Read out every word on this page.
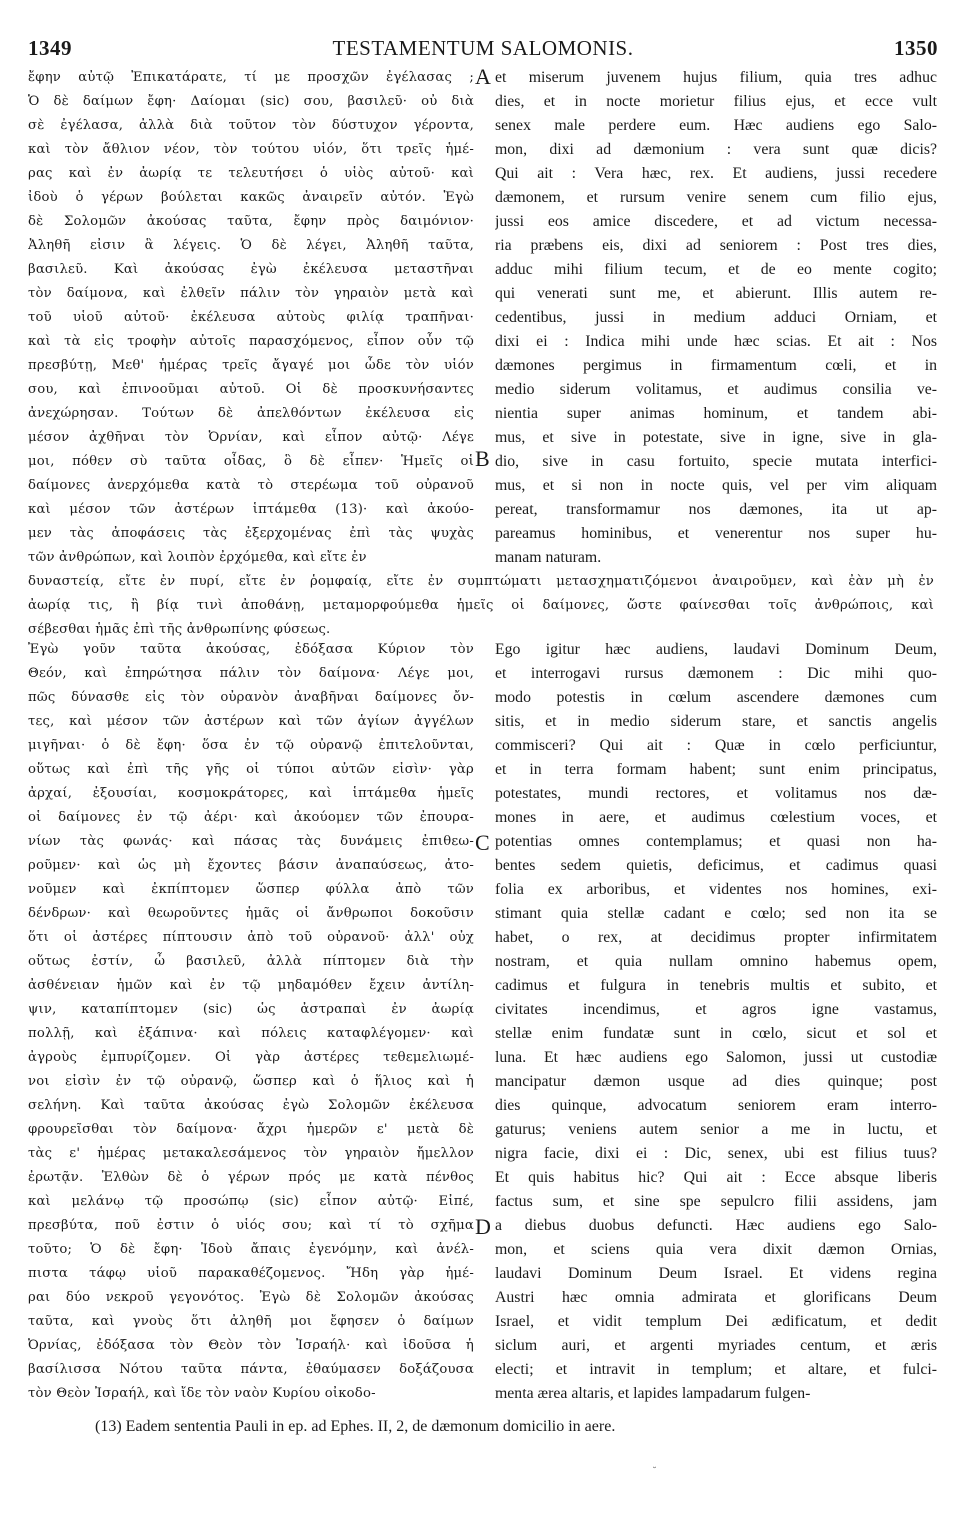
1349	TESTAMENTUM SALOMONIS.	1350
ἔφην αὐτῷ Ἐπικατάρατε, τί με προσχῶν ἐγέλασας ;
Ὁ δὲ δαίμων ἔφη· Δαίομαι (sic) σου, βασιλεῦ· οὐ διὰ
σὲ ἐγέλασα, ἀλλὰ διὰ τοῦτον τὸν δύστυχον γέροντα,
καὶ τὸν ἄθλιον νέον, τὸν τούτου υἱόν, ὅτι τρεῖς ἡμέ-
ρας καὶ ἐν ἀωρίᾳ τε τελευτήσει ὁ υἱὸς αὐτοῦ· καὶ
ἰδοὺ ὁ γέρων βούλεται κακῶς ἀναιρεῖν αὐτόν. Ἐγὼ
δὲ Σολομῶν ἀκούσας ταῦτα, ἔφην πρὸς δαιμόνιον·
Ἀληθῆ εἰσιν ἃ λέγεις. Ὁ δὲ λέγει, Ἀληθῆ ταῦτα,
βασιλεῦ. Καὶ ἀκούσας ἐγὼ ἐκέλευσα μεταστῆναι
τὸν δαίμονα, καὶ ἐλθεῖν πάλιν τὸν γηραιὸν μετὰ καὶ
τοῦ υἱοῦ αὐτοῦ· ἐκέλευσα αὐτοὺς φιλίᾳ τραπῆναι·
καὶ τὰ εἰς τροφὴν αὐτοῖς παρασχόμενος, εἶπον οὖν τῷ
πρεσβύτῃ, Μεθ' ἡμέρας τρεῖς ἄγαγέ μοι ὧδε τὸν υἱόν
σου, καὶ ἐπινοοῦμαι αὐτοῦ. Οἱ δὲ προσκυνήσαντες
ἀνεχώρησαν. Τούτων δὲ ἀπελθόντων ἐκέλευσα εἰς
μέσον ἀχθῆναι τὸν Ὀρνίαν, καὶ εἶπον αὐτῷ· Λέγε
μοι, πόθεν σὺ ταῦτα οἶδας, ὃ δὲ εἶπεν· Ἡμεῖς οἱ
δαίμονες ἀνερχόμεθα κατὰ τὸ στερέωμα τοῦ οὐρανοῦ
καὶ μέσον τῶν ἀστέρων ἱπτάμεθα (13)· καὶ ἀκούο-
μεν τὰς ἀποφάσεις τὰς ἐξερχομένας ἐπὶ τὰς ψυχὰς
τῶν ἀνθρώπων, καὶ λοιπὸν ἐρχόμεθα, καὶ εἴτε ἐν
et miserum juvenem hujus filium, quia tres adhuc
dies, et in nocte morietur filius ejus, et ecce vult
senex male perdere eum. Hæc audiens ego Salo-
mon, dixi ad dæmonium : vera sunt quæ dicis?
Qui ait : Vera hæc, rex. Et audiens, jussi recedere
dæmonem, et rursum venire senem cum filio ejus,
jussi eos amice discedere, et ad victum necessa-
ria præbens eis, dixi ad seniorem : Post tres dies,
adduc mihi filium tecum, et de eo mente cogito;
qui venerati sunt me, et abierunt. Illis autem re-
cedentibus, jussi in medium adduci Orniam, et
dixi ei : Indica mihi unde hæc scias. Et ait : Nos
dæmones pergimus in firmamentum cœli, et in
medio siderum volitamus, et audimus consilia ve-
nientia super animas hominum, et tandem abi-
mus, et sive in potestate, sive in igne, sive in gla-
dio, sive in casu fortuito, specie mutata interfici-
mus, et si non in nocte quis, vel per vim aliquam
pereat, transformamur nos dæmones, ita ut ap-
pareamus hominibus, et venerentur nos super hu-
manam naturam.
δυναστείᾳ, εἴτε ἐν πυρί, εἴτε ἐν ῥομφαίᾳ, εἴτε ἐν συμπτώματι μετασχηματιζόμενοι ἀναιροῦμεν, καὶ ἐὰν μὴ ἐν
ἀωρίᾳ τις, ἢ βίᾳ τινὶ ἀποθάνῃ, μεταμορφούμεθα ἡμεῖς οἱ δαίμονες, ὥστε φαίνεσθαι τοῖς ἀνθρώποις, καὶ
σέβεσθαι ἡμᾶς ἐπὶ τῆς ἀνθρωπίνης φύσεως.
Ἐγὼ γοῦν ταῦτα ἀκούσας, ἐδόξασα Κύριον τὸν
Θεόν, καὶ ἐπηρώτησα πάλιν τὸν δαίμονα· Λέγε μοι,
πῶς δύνασθε εἰς τὸν οὐρανὸν ἀναβῆναι δαίμονες ὄν-
τες, καὶ μέσον τῶν ἀστέρων καὶ τῶν ἁγίων ἀγγέλων
μιγῆναι· ὁ δὲ ἔφη· ὅσα ἐν τῷ οὐρανῷ ἐπιτελοῦνται,
οὕτως καὶ ἐπὶ τῆς γῆς οἱ τύποι αὐτῶν εἰσὶν· γὰρ
ἀρχαί, ἐξουσίαι, κοσμοκράτορες, καὶ ἱπτάμεθα ἡμεῖς
οἱ δαίμονες ἐν τῷ ἀέρι· καὶ ἀκούομεν τῶν ἐπουρα-
νίων τὰς φωνάς· καὶ πάσας τὰς δυνάμεις ἐπιθεω-
ροῦμεν· καὶ ὡς μὴ ἔχοντες βάσιν ἀναπαύσεως, ἀτο-
νοῦμεν καὶ ἐκπίπτομεν ὥσπερ φύλλα ἀπὸ τῶν
δένδρων· καὶ θεωροῦντες ἡμᾶς οἱ ἄνθρωποι δοκοῦσιν
ὅτι οἱ ἀστέρες πίπτουσιν ἀπὸ τοῦ οὐρανοῦ· ἀλλ' οὐχ
οὕτως ἐστίν, ὦ βασιλεῦ, ἀλλὰ πίπτομεν διὰ τὴν
ἀσθένειαν ἡμῶν καὶ ἐν τῷ μηδαμόθεν ἔχειν ἀντίλη-
ψιν, καταπίπτομεν (sic) ὡς ἀστραπαὶ ἐν ἀωρίᾳ
πολλῇ, καὶ ἐξάπινα· καὶ πόλεις καταφλέγομεν· καὶ
ἀγροὺς ἐμπυρίζομεν. Οἱ γὰρ ἀστέρες τεθεμελιωμέ-
νοι εἰσὶν ἐν τῷ οὐρανῷ, ὥσπερ καὶ ὁ ἥλιος καὶ ἡ
σελήνη. Καὶ ταῦτα ἀκούσας ἐγὼ Σολομῶν ἐκέλευσα
φρουρεῖσθαι τὸν δαίμονα· ἄχρι ἡμερῶν ε' μετὰ δὲ
τὰς ε' ἡμέρας μετακαλεσάμενος τὸν γηραιὸν ἤμελλον
ἐρωτᾷν. Ἐλθὼν δὲ ὁ γέρων πρός με κατὰ πένθος
καὶ μελάνῳ τῷ προσώπῳ (sic) εἶπον αὐτῷ· Εἰπέ,
πρεσβύτα, ποῦ ἐστιν ὁ υἱός σου; καὶ τί τὸ σχῆμα
τοῦτο; Ὁ δὲ ἔφη· Ἰδοὺ ἄπαις ἐγενόμην, καὶ ἀνέλ-
πιστα τάφῳ υἱοῦ παρακαθέζομενος. Ἤδη γὰρ ἡμέ-
ραι δύο νεκροῦ γεγονότος. Ἐγὼ δὲ Σολομῶν ἀκούσας
ταῦτα, καὶ γνοὺς ὅτι ἀληθῆ μοι ἔφησεν ὁ δαίμων
Ὀρνίας, ἐδόξασα τὸν Θεὸν τὸν Ἰσραήλ· καὶ ἰδοῦσα ἡ
βασίλισσα Νότου ταῦτα πάντα, ἐθαύμασεν δοξάζουσα
τὸν Θεὸν Ἰσραήλ, καὶ ἴδε τὸν ναὸν Κυρίου οἰκοδο-
Ego igitur hæc audiens, laudavi Dominum Deum,
et interrogavi rursus dæmonem : Dic mihi quo-
modo potestis in cœlum ascendere dæmones cum
sitis, et in medio siderum stare, et sanctis angelis
commisceri? Qui ait : Quæ in cœlo perficiuntur,
et in terra formam habent; sunt enim principatus,
potestates, mundi rectores, et volitamus nos dæ-
mones in aere, et audimus cœlestium voces, et
potentias omnes contemplamus; et quasi non ha-
bentes sedem quietis, deficimus, et cadimus quasi
folia ex arboribus, et videntes nos homines, exi-
stimant quia stellæ cadant e cœlo; sed non ita se
habet, o rex, at decidimus propter infirmitatem
nostram, et quia nullam omnino habemus opem,
cadimus et fulgura in tenebris multis et subito, et
civitates incendimus, et agros igne vastamus,
stellæ enim fundatæ sunt in cœlo, sicut et sol et
luna. Et hæc audiens ego Salomon, jussi ut custodiæ
mancipatur dæmon usque ad dies quinque; post
dies quinque, advocatum seniorem eram interro-
gaturus; veniens autem senior a me in luctu, et
nigra facie, dixi ei : Dic, senex, ubi est filius tuus?
Et quis habitus hic? Qui ait : Ecce absque liberis
factus sum, et sine spe sepulcro filii assidens, jam
a diebus duobus defuncti. Hæc audiens ego Salo-
mon, et sciens quia vera dixit dæmon Ornias,
laudavi Dominum Deum Israel. Et videns regina
Austri hæc omnia admirata et glorificans Deum
Israel, et vidit templum Dei ædificatum, et dedit
siclum auri, et argenti myriades centum, et æris
electi; et intravit in templum; et altare, et fulci-
menta ærea altaris, et lapides lampadarum fulgen-
A
B
C
D
(13) Eadem sententia Pauli in ep. ad Ephes. II, 2, de dæmonum domicilio in aere.
˘
